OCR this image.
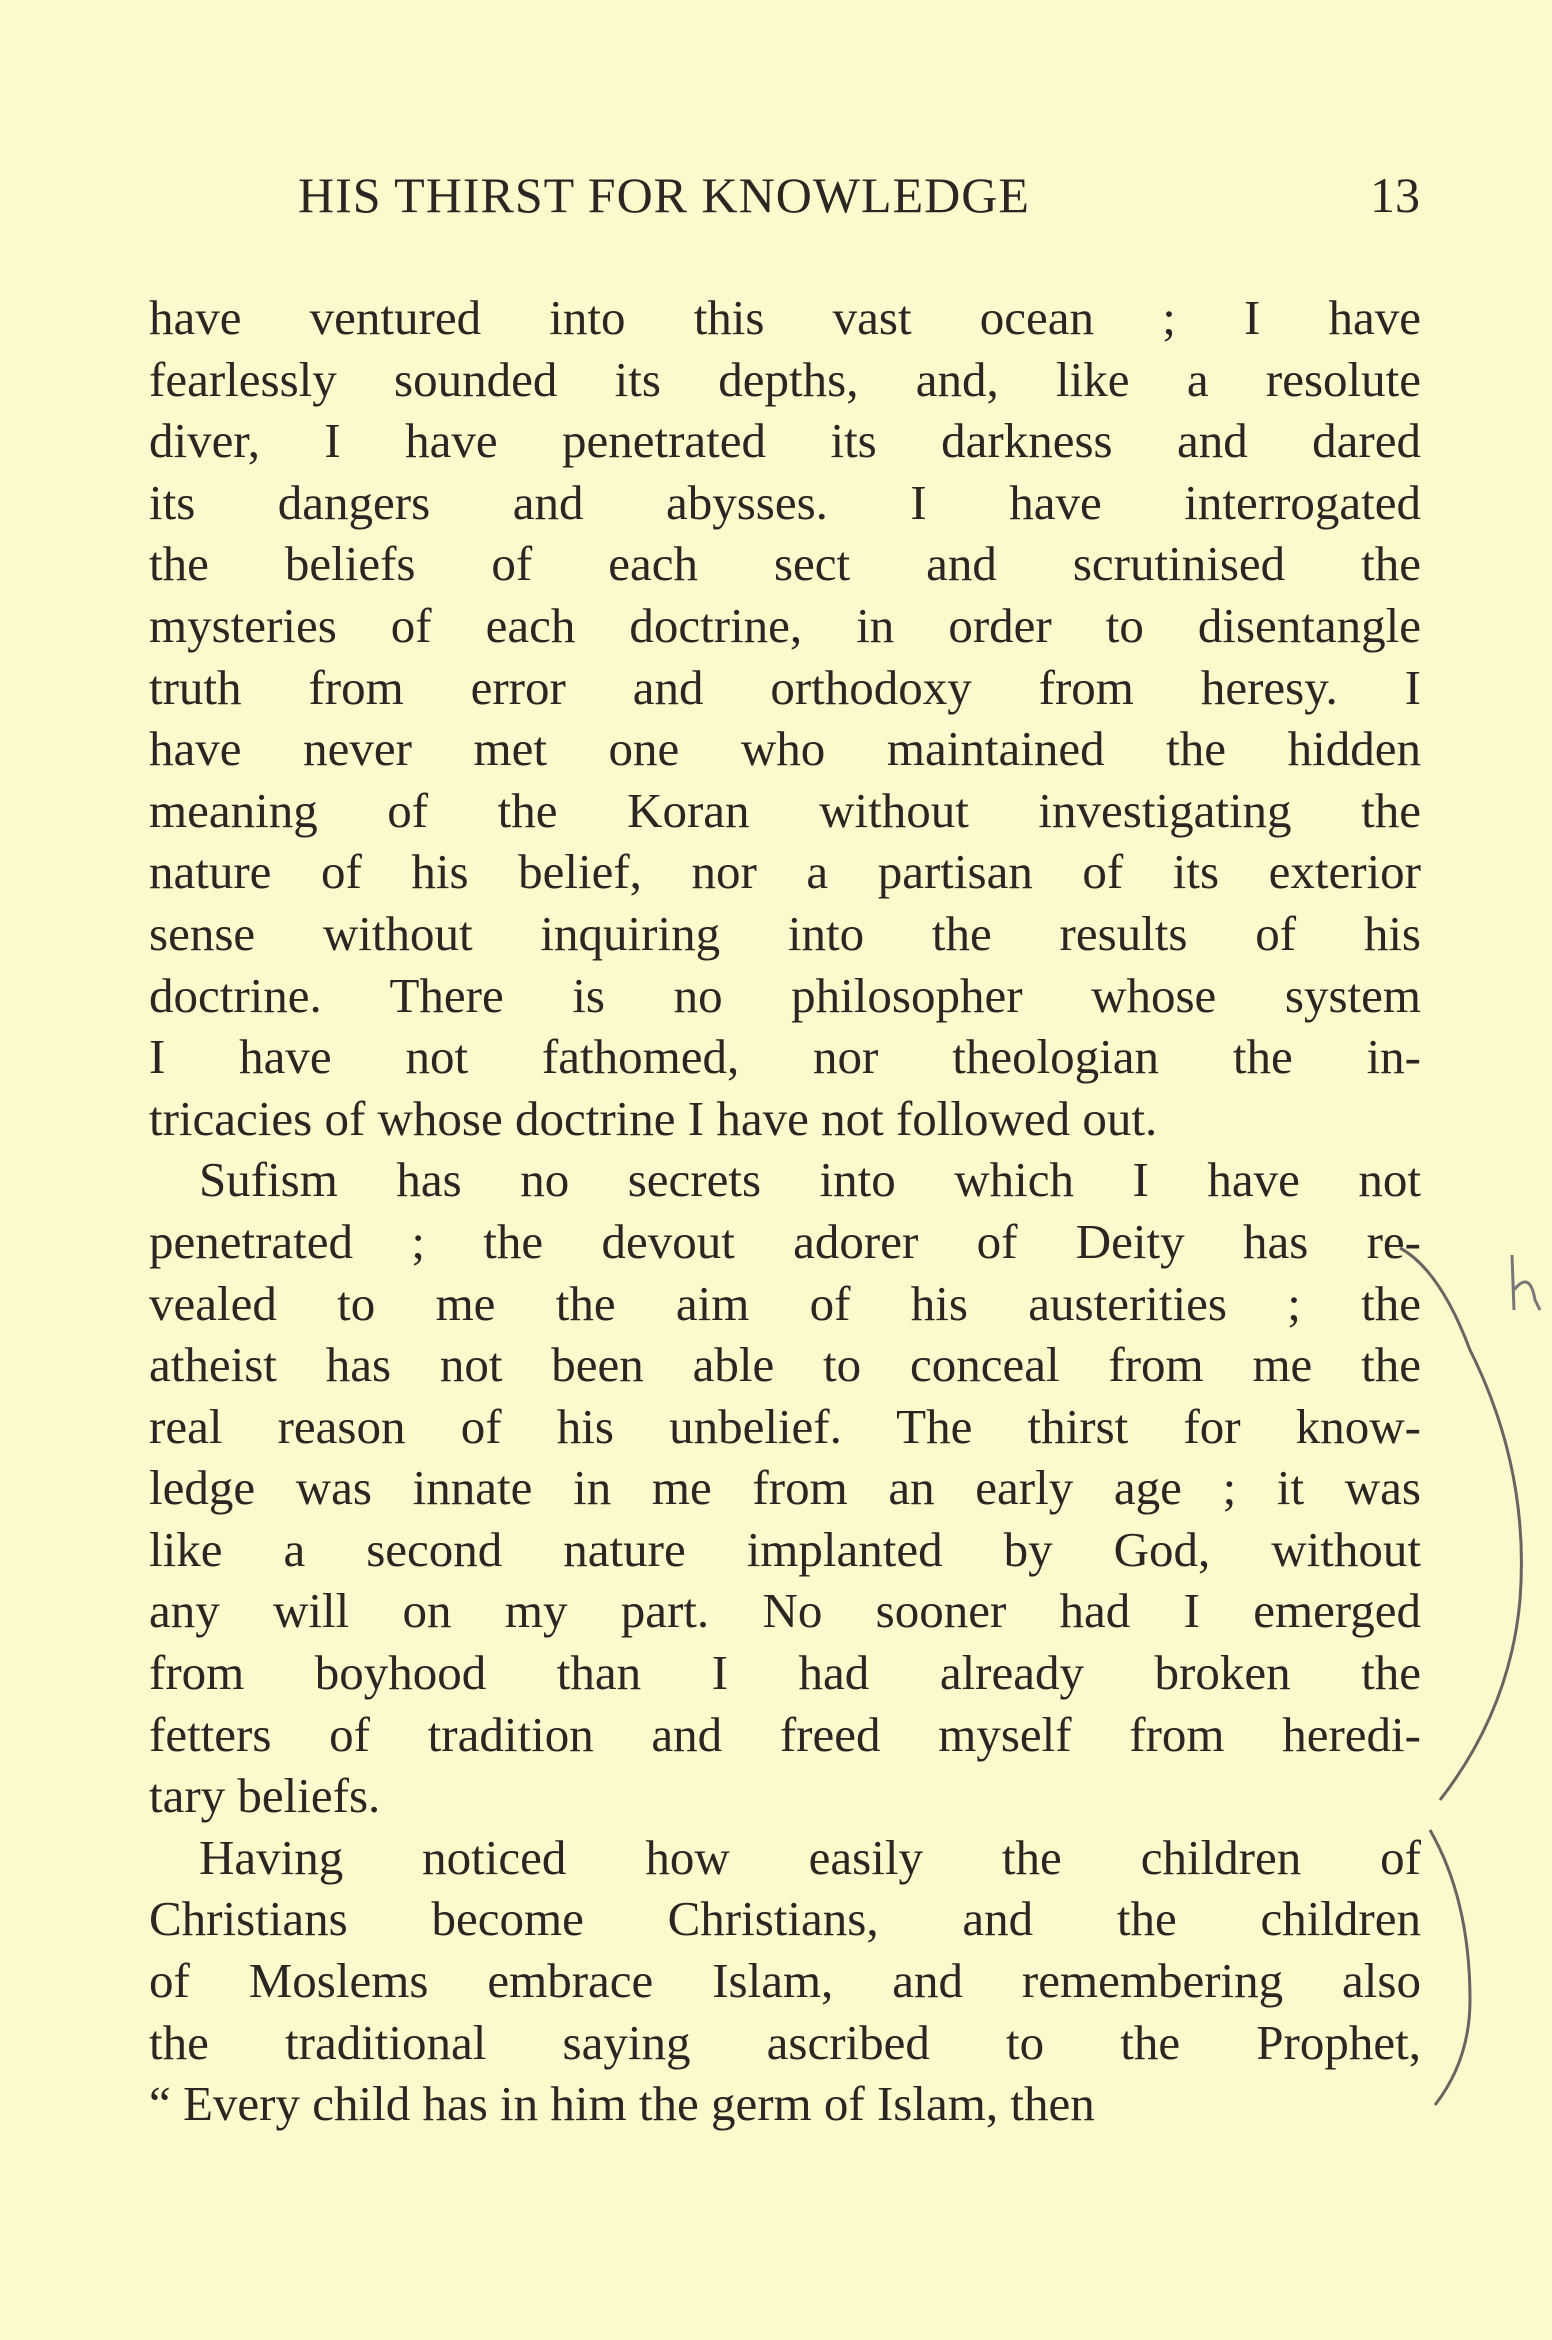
HIS THIRST FOR KNOWLEDGE	13
have ventured into this vast ocean ; I have
fearlessly sounded its depths, and, like a resolute
diver, I have penetrated its darkness and dared
its dangers and abysses. I have interrogated
the beliefs of each sect and scrutinised the
mysteries of each doctrine, in order to disentangle
truth from error and orthodoxy from heresy. I
have never met one who maintained the hidden
meaning of the Koran without investigating the
nature of his belief, nor a partisan of its exterior
sense without inquiring into the results of his
doctrine. There is no philosopher whose system
I have not fathomed, nor theologian the in-
tricacies of whose doctrine I have not followed out.
Sufism has no secrets into which I have not
penetrated ; the devout adorer of Deity has re-
vealed to me the aim of his austerities ; the
atheist has not been able to conceal from me the
real reason of his unbelief. The thirst for know-
ledge was innate in me from an early age ; it was
like a second nature implanted by God, without
any will on my part. No sooner had I emerged
from boyhood than I had already broken the
fetters of tradition and freed myself from heredi-
tary beliefs.
Having noticed how easily the children of
Christians become Christians, and the children
of Moslems embrace Islam, and remembering also
the traditional saying ascribed to the Prophet,
“ Every child has in him the germ of Islam, then
